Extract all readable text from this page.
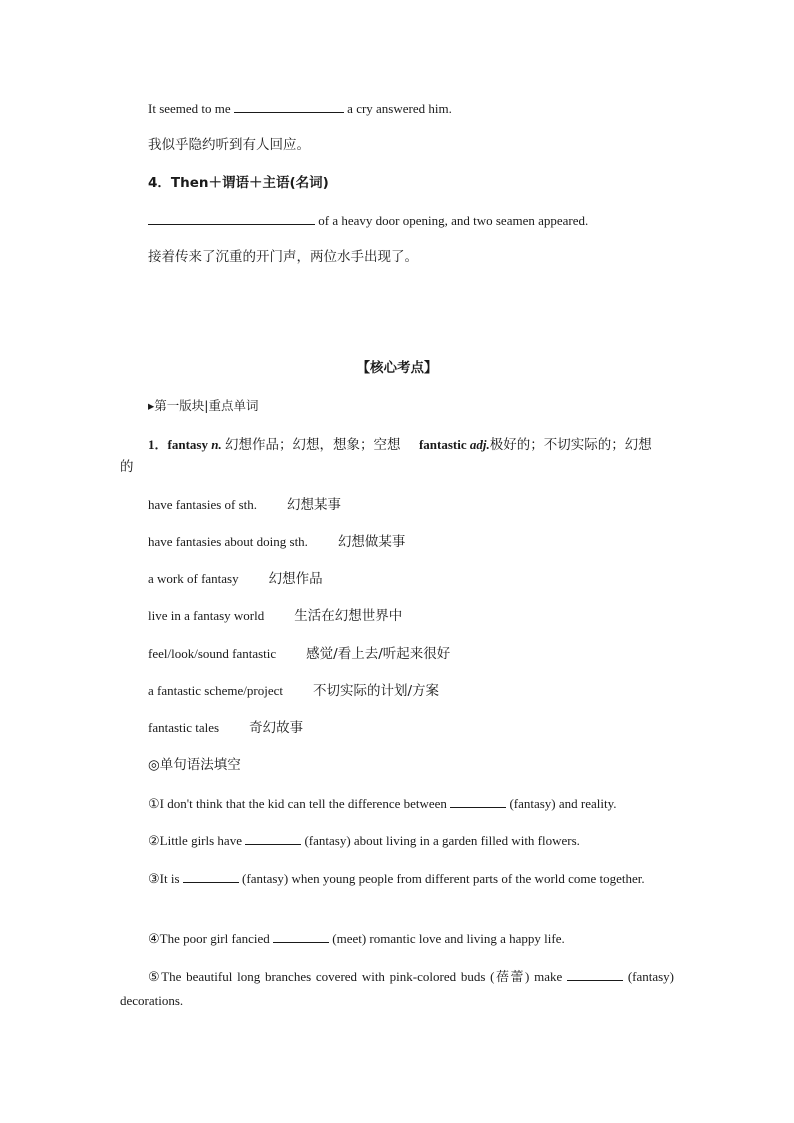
It seemed to me	a cry answered him.
我似乎隐约听到有人回应。
4．Then＋谓语＋主语(名词)
of a heavy door opening, and two seamen appeared.
接着传来了沉重的开门声，两位水手出现了。
【核心考点】
▸第一版块|重点单词
1．fantasy n. 幻想作品；幻想，想象；空想 fantastic adj.极好的；不切实际的；幻想
的
have fantasies of sth. 幻想某事
have fantasies about doing sth. 幻想做某事
a work of fantasy 幻想作品
live in a fantasy world 生活在幻想世界中
feel/look/sound fantastic 感觉/看上去/听起来很好
a fantastic scheme/project 不切实际的计划/方案
fantastic tales 奇幻故事
◎单句语法填空
①I don't think that the kid can tell the difference between	(fantasy) and reality.
②Little girls have	(fantasy) about living in a garden filled with flowers.
③It is	(fantasy) when young people from different parts of the world come together.
④The poor girl fancied	(meet) romantic love and living a happy life.
⑤The beautiful long branches covered with pink-colored buds (蓓蕾) make	(fantasy) decorations.
